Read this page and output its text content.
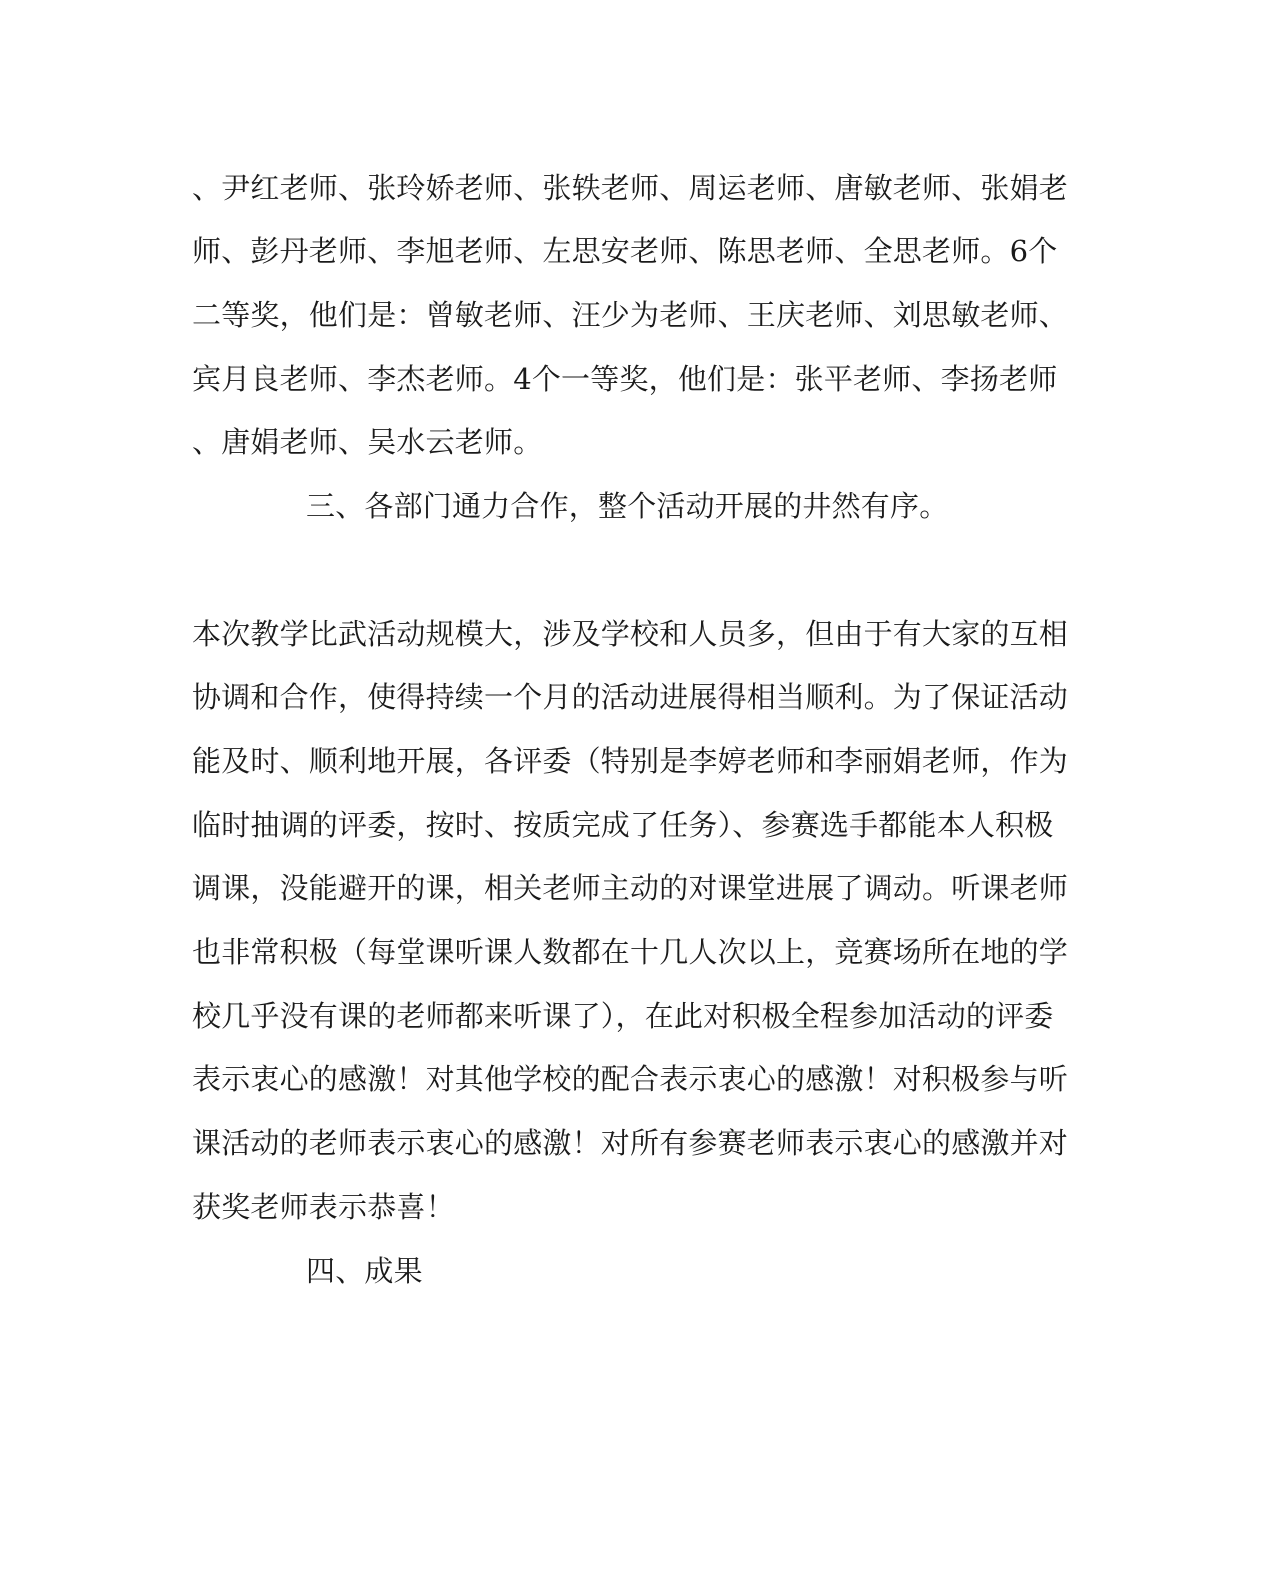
、尹红老师、张玲娇老师、张轶老师、周运老师、唐敏老师、张娟老
师、彭丹老师、李旭老师、左思安老师、陈思老师、全思老师。6个
二等奖，他们是：曾敏老师、汪少为老师、王庆老师、刘思敏老师、
宾月良老师、李杰老师。4个一等奖，他们是：张平老师、李扬老师
、唐娟老师、吴水云老师。
三、各部门通力合作，整个活动开展的井然有序。
本次教学比武活动规模大，涉及学校和人员多，但由于有大家的互相
协调和合作，使得持续一个月的活动进展得相当顺利。为了保证活动
能及时、顺利地开展，各评委（特别是李婷老师和李丽娟老师，作为
临时抽调的评委，按时、按质完成了任务）、参赛选手都能本人积极
调课，没能避开的课，相关老师主动的对课堂进展了调动。听课老师
也非常积极（每堂课听课人数都在十几人次以上，竞赛场所在地的学
校几乎没有课的老师都来听课了），在此对积极全程参加活动的评委
表示衷心的感激！对其他学校的配合表示衷心的感激！对积极参与听
课活动的老师表示衷心的感激！对所有参赛老师表示衷心的感激并对
获奖老师表示恭喜！
四、成果
